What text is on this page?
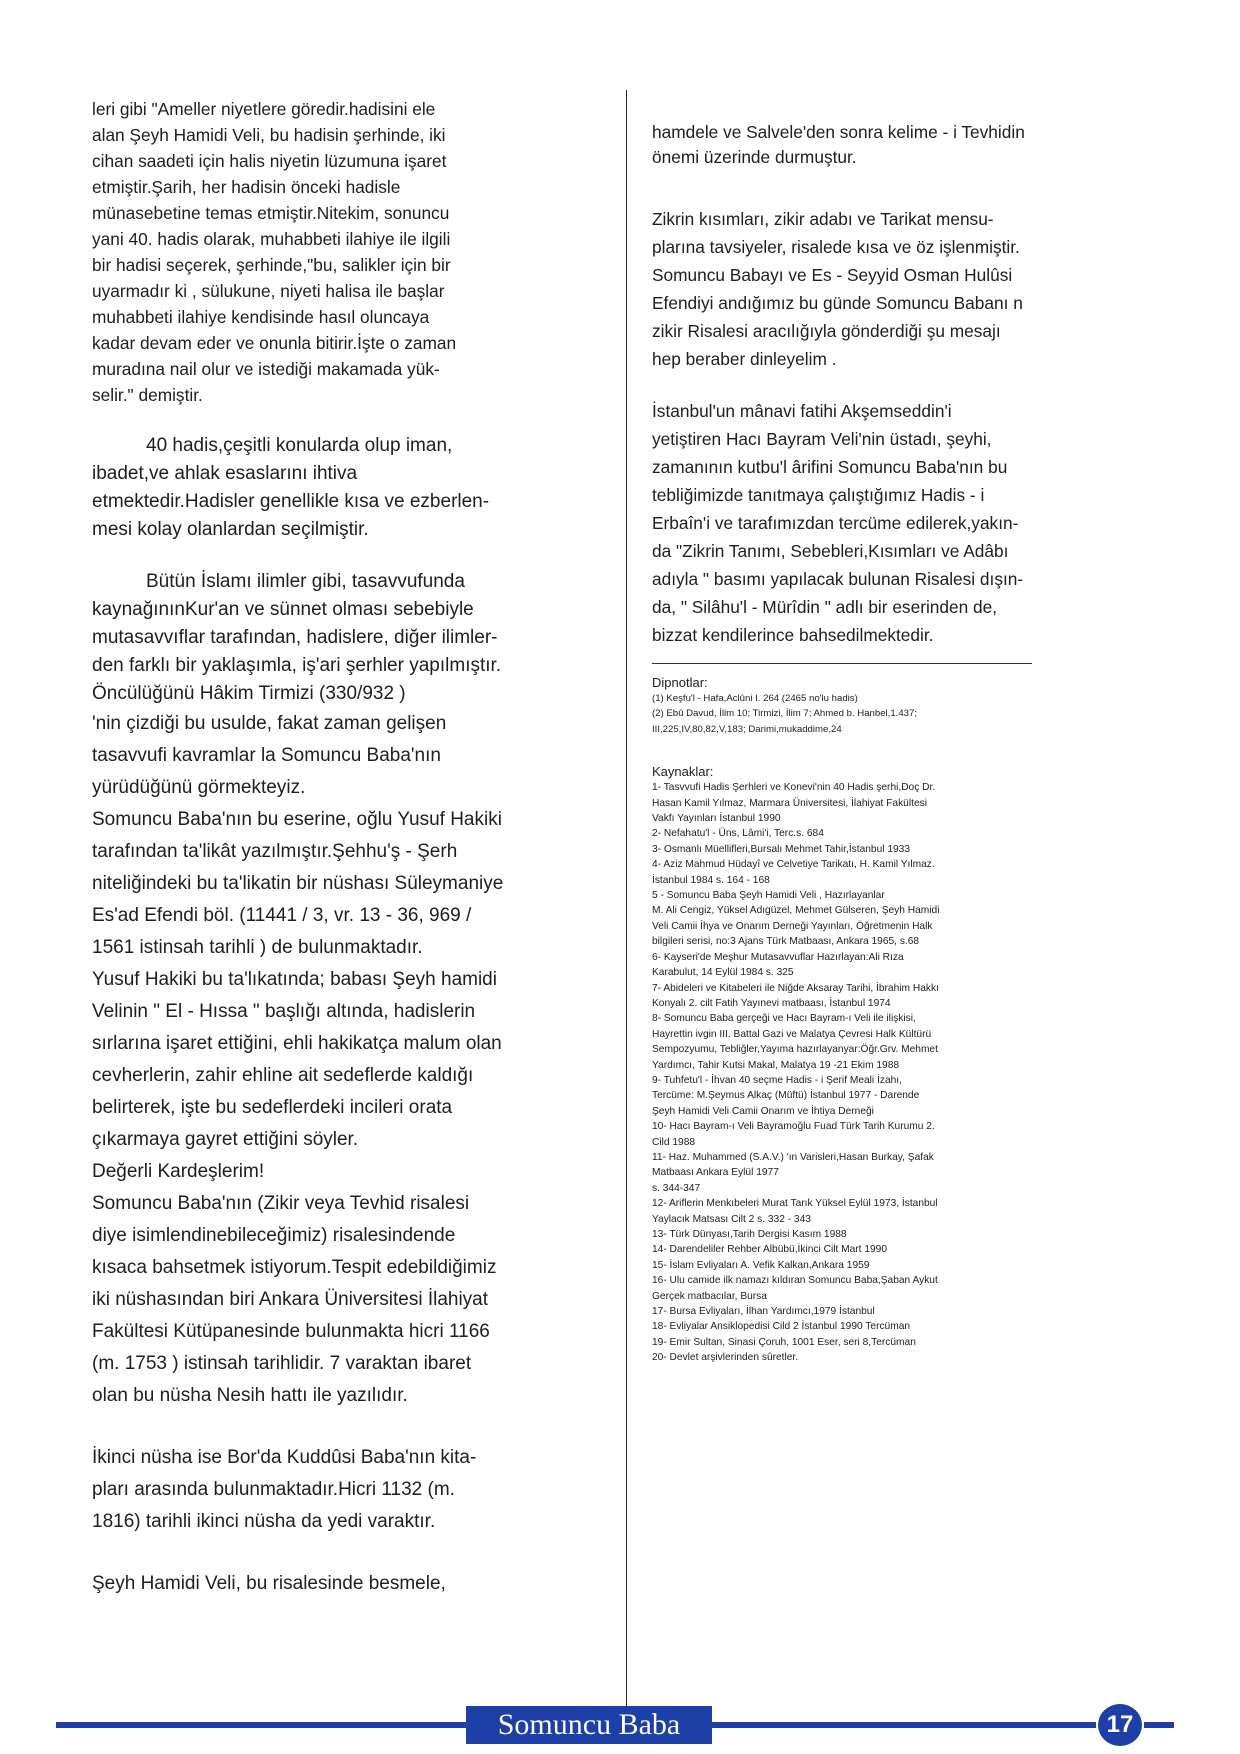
leri gibi "Ameller niyetlere göredir.hadisini ele
alan Şeyh Hamidi Veli, bu hadisin şerhinde, iki
cihan saadeti için halis niyetin lüzumuna işaret
etmiştir.Şarih, her hadisin önceki hadisle
münasebetine temas etmiştir.Nitekim, sonuncu
yani 40. hadis olarak, muhabbeti ilahiye ile ilgili
bir hadisi seçerek, şerhinde,"bu, salikler için bir
uyarmadır ki , sülukune, niyeti halisa ile başlar
muhabbeti ilahiye kendisinde hasıl oluncaya
kadar devam eder ve onunla bitirir.İşte o zaman
muradına nail olur ve istediği makamada yük-
selir." demiştir.

40 hadis,çeşitli konularda olup iman,
ibadet,ve ahlak esaslarını ihtiva
etmektedir.Hadisler genellikle kısa ve ezberlen-
mesi kolay olanlardan seçilmiştir.

Bütün İslamı ilimler gibi, tasavvufunda
kaynağınınKur'an ve sünnet olması sebebiyle
mutasavvıflar tarafından, hadislere, diğer ilimler-
den farklı bir yaklaşımla, iş'ari şerhler yapılmıştır.
Öncülüğünü Hâkim Tirmizi (330/932 )

'nin çizdiği bu usulde, fakat zaman gelişen
tasavvufi kavramlar la Somuncu Baba'nın
yürüdüğünü görmekteyiz.
Somuncu Baba'nın bu eserine, oğlu Yusuf Hakiki
tarafından ta'likât yazılmıştır.Şehhu'ş - Şerh
niteliğindeki bu ta'likatin bir nüshası Süleymaniye
Es'ad Efendi böl. (11441 / 3, vr. 13 - 36, 969 /
1561 istinsah tarihli ) de bulunmaktadır.
Yusuf Hakiki bu ta'lıkatında; babası Şeyh hamidi
Velinin " El - Hıssa " başlığı altında, hadislerin
sırlarına işaret ettiğini, ehli hakikatça malum olan
cevherlerin, zahir ehline ait sedeflerde kaldığı
belirterek, işte bu sedeflerdeki incileri orata
çıkarmaya gayret ettiğini söyler.
Değerli Kardeşlerim!
Somuncu Baba'nın (Zikir veya Tevhid risalesi
diye isimlendinebileceğimiz) risalesindende
kısaca bahsetmek istiyorum.Tespit edebildiğimiz
iki nüshasından biri Ankara Üniversitesi İlahiyat
Fakültesi Kütüpanesinde bulunmakta hicri 1166
(m. 1753 ) istinsah tarihlidir. 7 varaktan ibaret
olan bu nüsha Nesih hattı ile yazılıdır.

İkinci nüsha ise Bor'da Kuddûsi Baba'nın kita-
pları arasında bulunmaktadır.Hicri 1132 (m.
1816) tarihli ikinci nüsha da yedi varaktır.

Şeyh Hamidi Veli, bu risalesinde besmele,

hamdele ve Salvele'den sonra kelime - i Tevhidin
önemi üzerinde durmuştur.

Zikrin kısımları, zikir adabı ve Tarikat mensu-
plarına tavsiyeler, risalede kısa ve öz işlenmiştir.
Somuncu Babayı ve Es - Seyyid Osman Hulûsi
Efendiyi andığımız bu günde Somuncu Babanı n
zikir Risalesi aracılığıyla gönderdiği şu mesajı
hep beraber dinleyelim .

İstanbul'un mânavi fatihi Akşemseddin'i
yetiştiren Hacı Bayram Veli'nin üstadı, şeyhi,
zamanının kutbu'l ârifini Somuncu Baba'nın bu
tebliğimizde tanıtmaya çalıştığımız Hadis - i
Erbaîn'i ve tarafımızdan tercüme edilerek,yakın-
da "Zikrin Tanımı, Sebebleri,Kısımları ve Adâbı
adıyla " basımı yapılacak bulunan Risalesi dışın-
da, " Silâhu'l - Mürîdin " adlı bir eserinden de,
bizzat kendilerince bahsedilmektedir.

Dipnotlar:

(1) Keşfu'l - Hafa,Aclûni I. 264 (2465 no'lu hadis)

(2) Ebû Davud, İlim 10; Tirmizi, İlim 7; Ahmed b. Hanbel,1.437;
III,225,IV,80,82,V,183; Darimi,mukaddime,24

Kaynaklar:

1- Tasvvufi Hadis Şerhleri ve Konevi'nin 40 Hadis şerhi,Doç Dr.
Hasan Kamil Yılmaz, Marmara Üniversitesi, İlahiyat Fakültesi
Vakfı Yayınları İstanbul 1990
2- Nefahatu'l - Üns, Lâmi'i, Terc.s. 684
3- Osmanlı Müellifleri,Bursalı Mehmet Tahir,İstanbul 1933
4- Aziz Mahmud Hüdayî ve Celvetiye Tarikatı, H. Kamil Yılmaz.
İstanbul 1984 s. 164 - 168
5 - Somuncu Baba Şeyh Hamidi Veli , Hazırlayanlar
M. Ali Cengiz, Yüksel Adıgüzel, Mehmet Gülseren, Şeyh Hamidi
Veli Camii İhya ve Onarım Derneği Yayınları, Öğretmenin Halk
bilgileri serisi, no:3 Ajans Türk Matbaası, Ankara 1965, s.68
6- Kayseri'de Meşhur Mutasavvuflar Hazırlayan:Ali Rıza
Karabulut, 14 Eylül 1984 s. 325
7- Abideleri ve Kitabeleri ile Niğde Aksaray Tarihi, İbrahim Hakkı
Konyalı 2. cilt Fatih Yayınevi matbaası, İstanbul 1974
8- Somuncu Baba gerçeği ve Hacı Bayram-ı Veli ile ilişkisi,
Hayrettin ivgin III. Battal Gazi ve Malatya Çevresi Halk Kültürü
Sempozyumu, Tebliğler,Yayıma hazırlayanyar:Öğr.Grv. Mehmet
Yardımcı, Tahir Kutsi Makal, Malatya 19 -21 Ekim 1988
9- Tuhfetu'l - İhvan 40 seçme Hadis - i Şerif Meali İzahı,
Tercüme: M.Şeymus Alkaç (Müftü) İstanbul 1977 - Darende
Şeyh Hamidi Veli Camii Onarım ve İhtiya Derneği
10- Hacı Bayram-ı Veli Bayramoğlu Fuad Türk Tarih Kurumu 2.
Cild 1988
11- Haz. Muhammed (S.A.V.) 'ın Varisleri,Hasan Burkay, Şafak
Matbaası Ankara Eylül 1977
s. 344-347
12- Ariflerin Menkıbeleri Murat Tarık Yüksel Eylül 1973, İstanbul
Yaylacık Matsası Cilt 2 s. 332 - 343
13- Türk Dünyası,Tarih Dergisi Kasım 1988
14- Darendeliler Rehber Albübü,İkinci Cilt Mart 1990
15- İslam Evliyaları A. Vefik Kalkan,Ankara 1959
16- Ulu camide ilk namazı kıldıran Somuncu Baba,Şaban Aykut
Gerçek matbacılar, Bursa
17- Bursa Evliyaları, İlhan Yardımcı,1979 İstanbul
18- Evliyalar Ansiklopedisi Cild 2 İstanbul 1990 Tercüman
19- Emir Sultan, Sinasi Çoruh, 1001 Eser, seri 8,Tercüman
20- Devlet arşivlerinden sûretler.
Somuncu Baba	17
